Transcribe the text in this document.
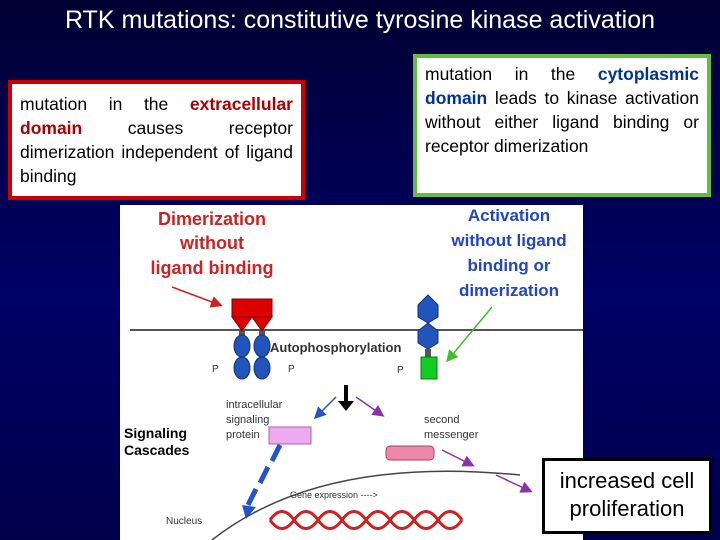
RTK mutations: constitutive tyrosine kinase activation
mutation in the extracellular domain causes receptor dimerization independent of ligand binding
mutation in the cytoplasmic domain leads to kinase activation without either ligand binding or receptor dimerization
Dimerization
without
ligand binding
Activation
without ligand
binding or
dimerization
Autophosphorylation
P	P	P
intracellular
signaling
protein
second
messenger
Signaling
Cascades
Gene expression ---->
Nucleus
increased cell proliferation
